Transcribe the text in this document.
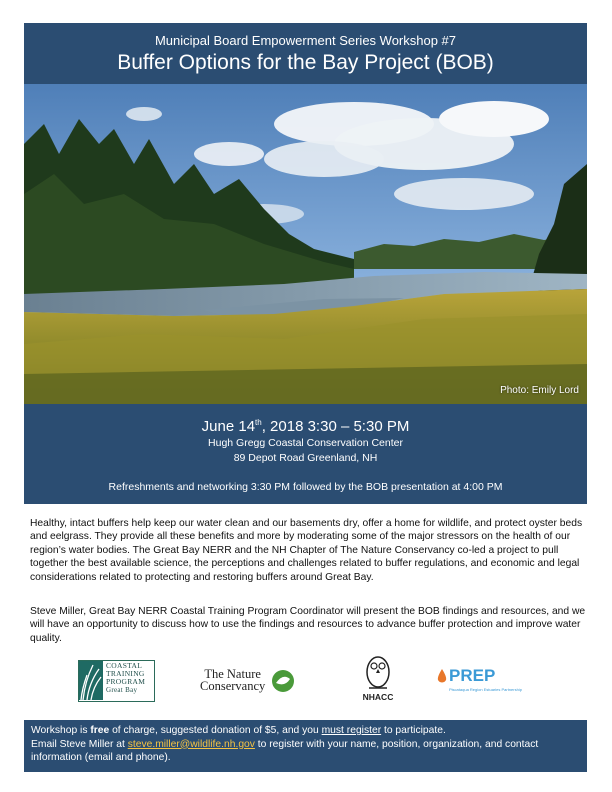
Municipal Board Empowerment Series Workshop #7
Buffer Options for the Bay Project (BOB)
Photo: Emily Lord
June 14th, 2018 3:30 – 5:30 PM
Hugh Gregg Coastal Conservation Center
89 Depot Road Greenland, NH
Refreshments and networking 3:30 PM followed by the BOB presentation at 4:00 PM
Healthy, intact buffers help keep our water clean and our basements dry, offer a home for wildlife, and protect oyster beds and eelgrass. They provide all these benefits and more by moderating some of the major stressors on the health of our region’s water bodies. The Great Bay NERR and the NH Chapter of The Nature Conservancy co-led a project to pull together the best available science, the perceptions and challenges related to buffer regulations, and economic and legal considerations related to protecting and restoring buffers around Great Bay.
Steve Miller, Great Bay NERR Coastal Training Program Coordinator will present the BOB findings and resources, and we will have an opportunity to discuss how to use the findings and resources to advance buffer protection and improve water quality.
COASTAL
TRAINING
PROGRAM
Great Bay
The Nature
Conservancy
NHACC
PREP
Piscataqua Region Estuaries Partnership
Workshop is free of charge, suggested donation of $5, and you must register to participate.
Email Steve Miller at steve.miller@wildlife.nh.gov to register with your name, position, organization, and contact information (email and phone).
